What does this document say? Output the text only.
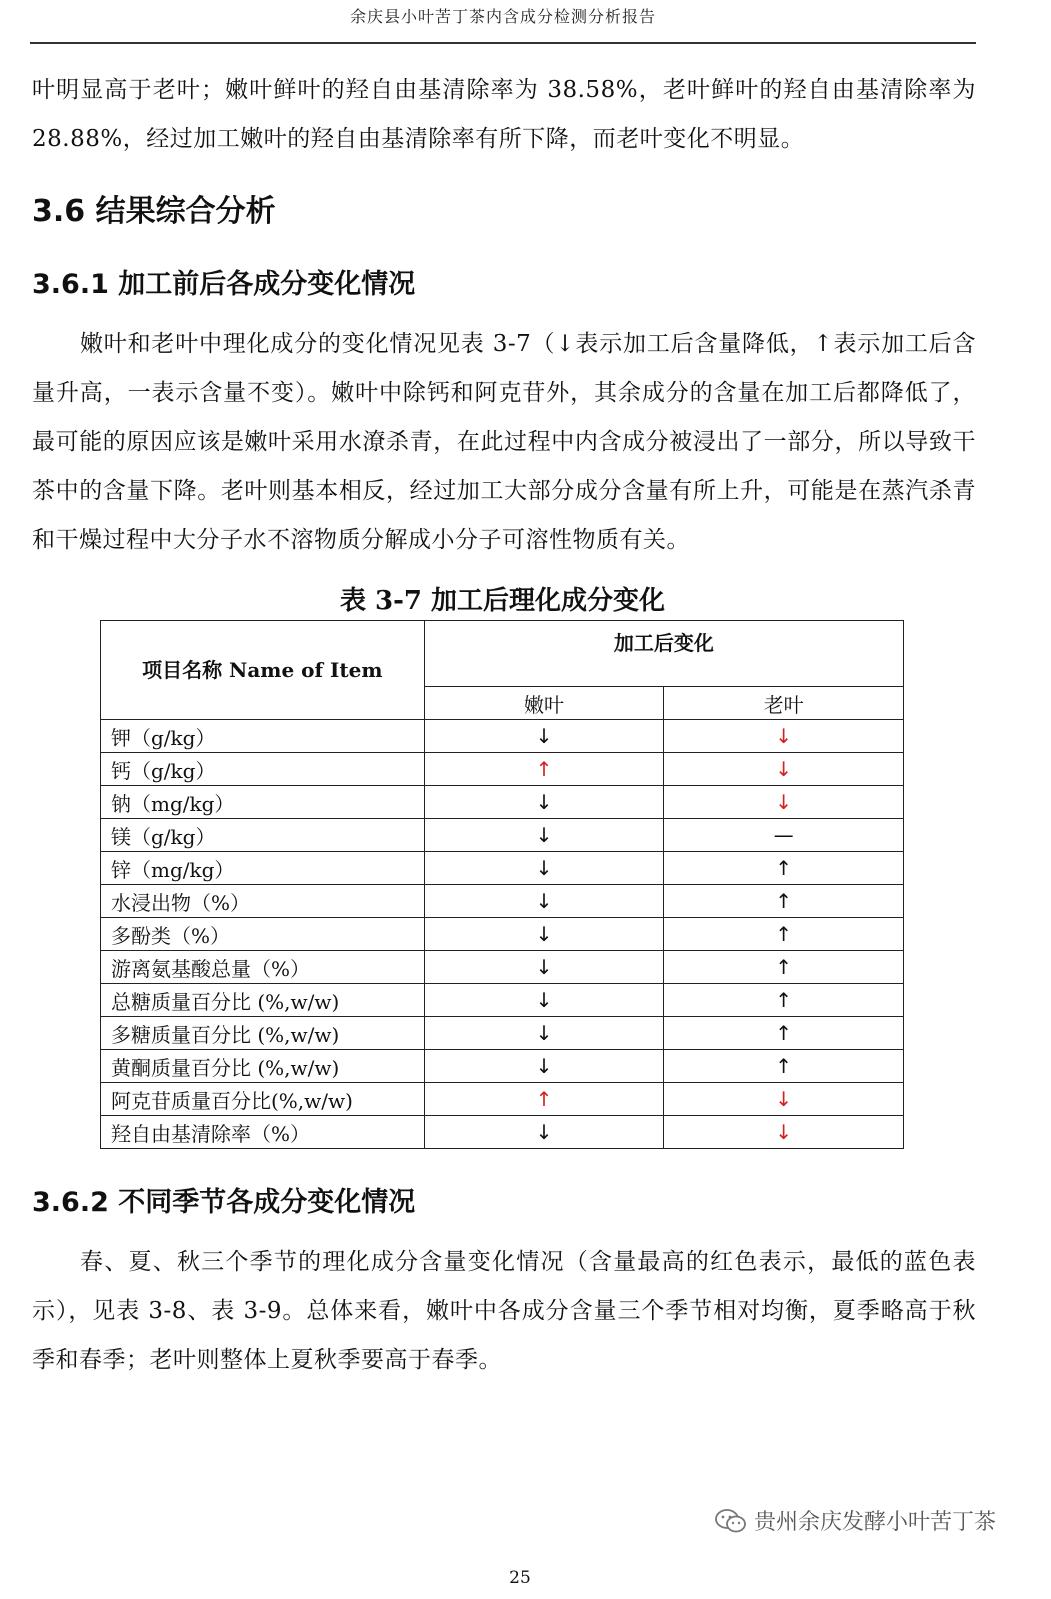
余庆县小叶苦丁茶内含成分检测分析报告
叶明显高于老叶；嫩叶鲜叶的羟自由基清除率为 38.58%，老叶鲜叶的羟自由基清除率为 28.88%，经过加工嫩叶的羟自由基清除率有所下降，而老叶变化不明显。
3.6 结果综合分析
3.6.1 加工前后各成分变化情况
嫩叶和老叶中理化成分的变化情况见表 3-7（↓表示加工后含量降低，↑表示加工后含量升高，一表示含量不变）。嫩叶中除钙和阿克苷外，其余成分的含量在加工后都降低了，最可能的原因应该是嫩叶采用水潦杀青，在此过程中内含成分被浸出了一部分，所以导致干茶中的含量下降。老叶则基本相反，经过加工大部分成分含量有所上升，可能是在蒸汽杀青和干燥过程中大分子水不溶物质分解成小分子可溶性物质有关。
表 3-7 加工后理化成分变化
项目名称 Name of Item	加工后变化	
	嫩叶	老叶
钾（g/kg）	↓	↓
钙（g/kg）	↑	↓
钠（mg/kg）	↓	↓
镁（g/kg）	↓	—
锌（mg/kg）	↓	↑
水浸出物（%）	↓	↑
多酚类（%）	↓	↑
游离氨基酸总量（%）	↓	↑
总糖质量百分比 (%,w/w)	↓	↑
多糖质量百分比 (%,w/w)	↓	↑
黄酮质量百分比 (%,w/w)	↓	↑
阿克苷质量百分比(%,w/w)	↑	↓
羟自由基清除率（%）	↓	↓
3.6.2 不同季节各成分变化情况
春、夏、秋三个季节的理化成分含量变化情况（含量最高的红色表示，最低的蓝色表示），见表 3-8、表 3-9。总体来看，嫩叶中各成分含量三个季节相对均衡，夏季略高于秋季和春季；老叶则整体上夏秋季要高于春季。
贵州余庆发酵小叶苦丁茶
25
